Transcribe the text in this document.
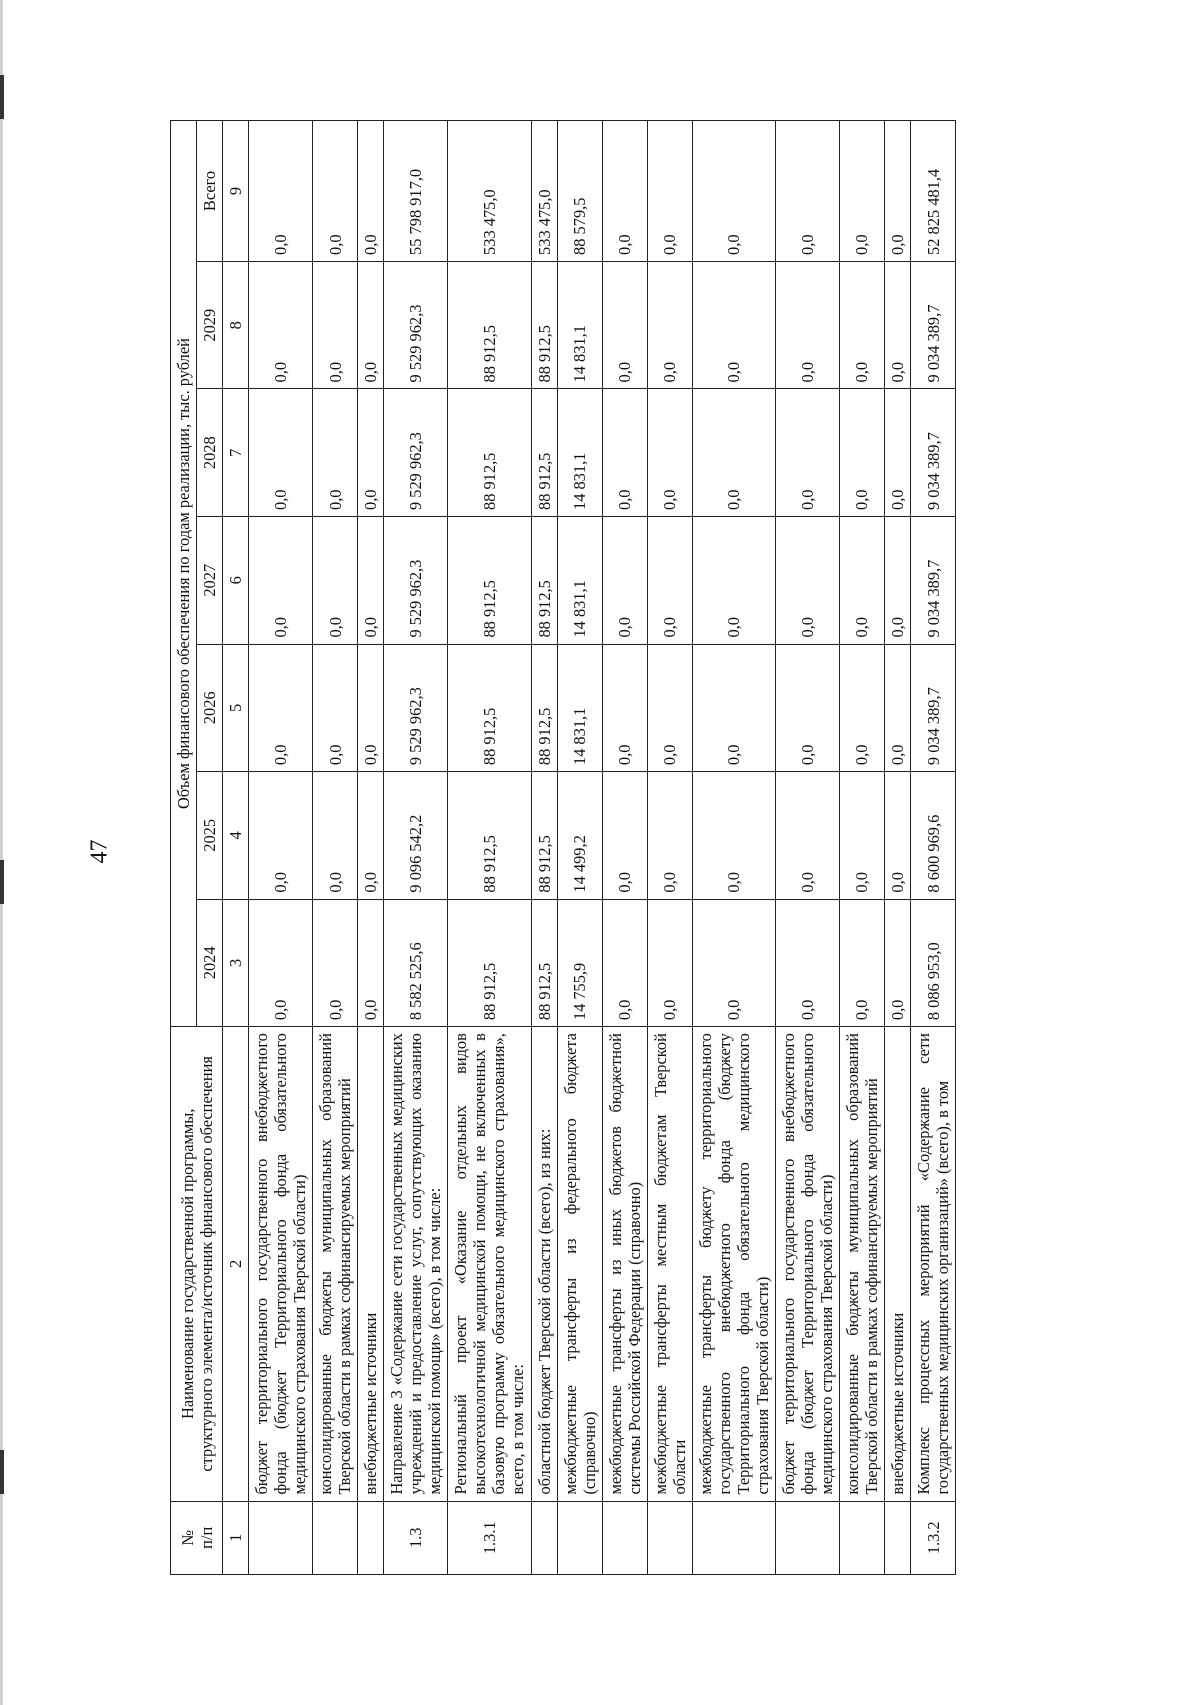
47
№
п/п	Наименование государственной программы,
структурного элемента/источник финансового обеспечения	Объем финансового обеспечения по годам реализации, тыс. рублей						
		2024	2025	2026	2027	2028	2029	Всего
1	2	3	4	5	6	7	8	9
	бюджет территориального государственного внебюджетного фонда (бюджет Территориального фонда обязательного медицинского страхования Тверской области)	0,0	0,0	0,0	0,0	0,0	0,0	0,0
	консолидированные бюджеты муниципальных образований Тверской области в рамках софинансируемых мероприятий	0,0	0,0	0,0	0,0	0,0	0,0	0,0
	внебюджетные источники	0,0	0,0	0,0	0,0	0,0	0,0	0,0
1.3	Направление 3 «Содержание сети государственных медицинских учреждений и предоставление услуг, сопутствующих оказанию медицинской помощи» (всего), в том числе:	8 582 525,6	9 096 542,2	9 529 962,3	9 529 962,3	9 529 962,3	9 529 962,3	55 798 917,0
1.3.1	Региональный проект «Оказание отдельных видов высокотехнологичной медицинской помощи, не включенных в базовую программу обязательного медицинского страхования», всего, в том числе:	88 912,5	88 912,5	88 912,5	88 912,5	88 912,5	88 912,5	533 475,0
	областной бюджет Тверской области (всего), из них:	88 912,5	88 912,5	88 912,5	88 912,5	88 912,5	88 912,5	533 475,0
	межбюджетные трансферты из федерального бюджета (справочно)	14 755,9	14 499,2	14 831,1	14 831,1	14 831,1	14 831,1	88 579,5
	межбюджетные трансферты из иных бюджетов бюджетной системы Российской Федерации (справочно)	0,0	0,0	0,0	0,0	0,0	0,0	0,0
	межбюджетные трансферты местным бюджетам Тверской области	0,0	0,0	0,0	0,0	0,0	0,0	0,0
	межбюджетные трансферты бюджету территориального государственного внебюджетного фонда (бюджету Территориального фонда обязательного медицинского страхования Тверской области)	0,0	0,0	0,0	0,0	0,0	0,0	0,0
	бюджет территориального государственного внебюджетного фонда (бюджет Территориального фонда обязательного медицинского страхования Тверской области)	0,0	0,0	0,0	0,0	0,0	0,0	0,0
	консолидированные бюджеты муниципальных образований Тверской области в рамках софинансируемых мероприятий	0,0	0,0	0,0	0,0	0,0	0,0	0,0
	внебюджетные источники	0,0	0,0	0,0	0,0	0,0	0,0	0,0
1.3.2	Комплекс процессных мероприятий «Содержание сети государственных медицинских организаций» (всего), в том	8 086 953,0	8 600 969,6	9 034 389,7	9 034 389,7	9 034 389,7	9 034 389,7	52 825 481,4
